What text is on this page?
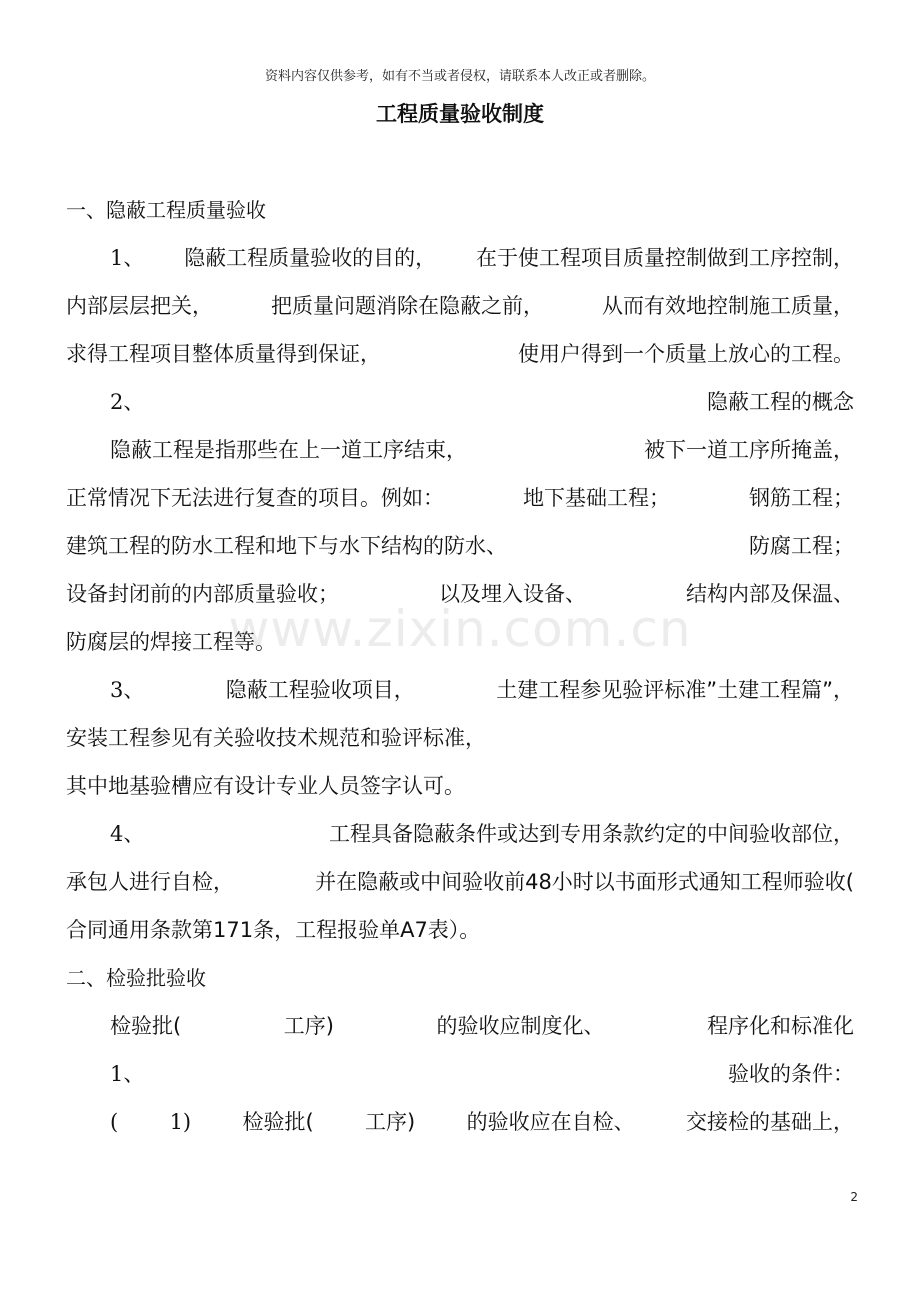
资料内容仅供参考，如有不当或者侵权，请联系本人改正或者删除。
工程质量验收制度
一、隐蔽工程质量验收
1、 隐蔽工程质量验收的目的， 在于使工程项目质量控制做到工序控制，
内部层层把关，	把质量问题消除在隐蔽之前，	从而有效地控制施工质量，
求得工程项目整体质量得到保证，	使用户得到一个质量上放心的工程。
2、	隐蔽工程的概念
隐蔽工程是指那些在上一道工序结束，	被下一道工序所掩盖，
正常情况下无法进行复查的项目。例如：	地下基础工程；	钢筋工程；
建筑工程的防水工程和地下与水下结构的防水、	防腐工程；
设备封闭前的内部质量验收；	以及埋入设备、	结构内部及保温、
防腐层的焊接工程等。
3、	隐蔽工程验收项目，	土建工程参见验评标准”土建工程篇”，
安装工程参见有关验收技术规范和验评标准，
其中地基验槽应有设计专业人员签字认可。
4、	工程具备隐蔽条件或达到专用条款约定的中间验收部位，
承包人进行自检，	并在隐蔽或中间验收前48小时以书面形式通知工程师验收(
合同通用条款第171条，工程报验单A7表）。
二、检验批验收
检验批(	工序)	的验收应制度化、	程序化和标准化
1、	验收的条件：
( 1) 检验批( 工序) 的验收应在自检、 交接检的基础上，
www.zixin.com.cn
2
